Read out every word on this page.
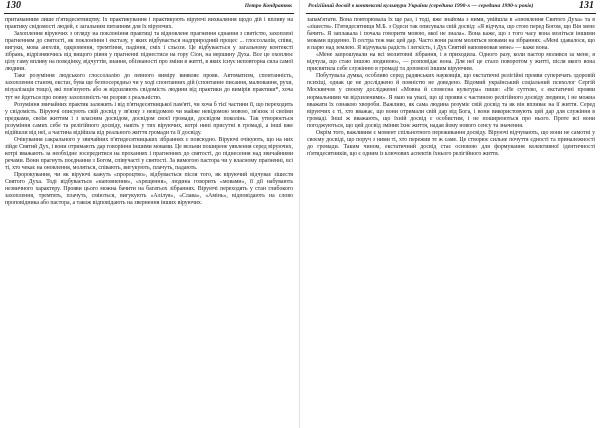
130	Петро Кондратюк

притаманним лише п'ятидесятництву. Їх практикування і практикують віруючі вихваляння щодо дій і впливу на практику свідомості людей, є загальним питанням для їх віруючих.

Захоплення віруючих з огляду на поклоніння практиці та відновлене прагнення єднання з святістю, захоплені прагненням до святості, як поклоніння і екстазу, у яких відбувається надприродний процес ... глоссолалія, співи, вигуки, мова ангелів, одкровення, тремтіння, падіння, сміх і сльози. Це відбувається у загальному контексті зібрань, відрізняючись від вищого рівня у прагненні піднестися на гору Сіон, на вершину Духа. Все це охоплює цілу гаму впливу на поведінку, відчуттів, знання, обізнаності про зміни в житті, в яких існує неповторна сила самої людини.

Таке розуміння людського глоссолалію до певного виміру виявляє прояв. Автоматизм, спонтанність, захоплення станом, екстаз, бува ще безпосередньо чи у ході спонтанних дій (спонтанне писання, малювання, рухи, візуалізація тощо), які пов'язують або ж відхиляють свідомість людини від практики до вимірів практики*, хоча тут не йдеться про повну захопленість чи розрив з реальністю.

Розуміння звичайних практик залежить і від п'ятидесятницької пам'яті, чи хоча б тієї частини її, що переходить у свідомість. Віруючі описують свій досвід у зв'язку з невідомою чи майже невідомою мовою, зв'язок зі своїми предками, своїм життям і з власним досвідом, досвідом своєї громади, досвідом поколінь. Так утворюється розуміння самих себе та релігійного досвіду, навіть у тих віруючих, котрі нині присутні в громаді, а інші вже відійшли від неї, а частина відійшла від реального життя громади та її досвіду.

Очікування сакрального у звичайних п'ятидесятницьких зібраннях є повсюдно. Віруючі очікують, що на них зійде Святий Дух, і вони отримають дар говоріння іншими мовами. Це вельми поширене уявлення серед віруючих, котрі вважають за необхідне зосередитися на проханнях і прагненнях до святості, до піднесення над звичайними речами. Вони прагнуть поєднання з Богом, співучасті у святості. За вимогою пастора чи у власному праґненні, всі ті, хто чекає на оновлення, моляться, співають, вигукують, плачуть, падають.

Пророкування, чи як віруючі кажуть «пророцтво», відбувається після того, як віруючий відчуває зішестя Святого Духа. Тоді відбувається «наповнення», «хрещення», людина говорить «мовами», її дії набувають незвичного характеру. Прояви цього можна бачити на багатьох зібраннях. Віруючі переходять у стан глибокого захоплення, тремтять, плачуть, сміються, вигукують «Алілуя», «Слава», «Амінь», відповідають на слово проповідника або пастора, а також відповідають на звернення інших віруючих.

Релігійний досвід в контексті культури України (середина 1990-х — середина 1990-х років)	131

запам'ятати. Вона повторювала їх ще раз, і тоді, вже знайома з ними, увійшла в «оновлення Святого Духа» та в «зішестя». П'ятидесятниця М.Б. з Одеси так описувала свій досвід: «Я відчула, що стою перед Богом, що Він мене бачить. Я заплакала і почала говорити мовою, якої не знала». Вона каже, що з того часу вона моліться іншими мовами щоденно. Її сестра теж має цей дар. Часто вони разом моляться мовами на зібраннях. «Мені здавалося, що я парю над землею. Я відчувала радість і легкість, і Дух Святий наповнював мене» — каже вона.

«Мене запрошували на всі молитовні зібрання, і я приходила. Одного разу, коли пастор молився за мене, я відчула, що стаю іншою людиною», — розповідає вона. Для неї це стало поворотом у житті, після якого вона присвятила себе служінню в громаді та допомозі іншим віруючим.

Побутувала думка, особливо серед радянських науковців, що екстатичні релігійні прояви суперечать здоровій психіці, однак це не досліджено й повністю не доведено. Відомий український соціальний психолог Сергій Москвичов у своєму дослідженні «Мовна й словесна культура» пише: «Не суттєво, є екстатичні прояви нормальними чи відхиленими». Я маю на увазі, що ці прояви є частиною релігійного досвіду людини, і не можна вважати їх ознакою хвороби. Важливо, як сама людина розуміє свій досвід та як він впливає на її життя. Серед віруючих є ті, хто вважає, що вони отримали свій дар від Бога, і вони використовують цей дар для служіння в громаді. Інші ж вважають, що їхній досвід є особистим, і не поширюються про нього. Проте всі вони погоджуються, що цей досвід змінив їхнє життя, надав йому нового сенсу та значення.

Окрім того, важливим є момент спільнотного переживання досвіду. Віруючі відчувають, що вони не самотні у своєму досвіді, що поруч з ними ті, хто пережив те ж саме. Це створює сильне почуття єдності та приналежності до громади. Таким чином, екстатичний досвід стає основою для формування колективної ідентичності п'ятидесятників, що є одним із ключових аспектів їхнього релігійного життя.
